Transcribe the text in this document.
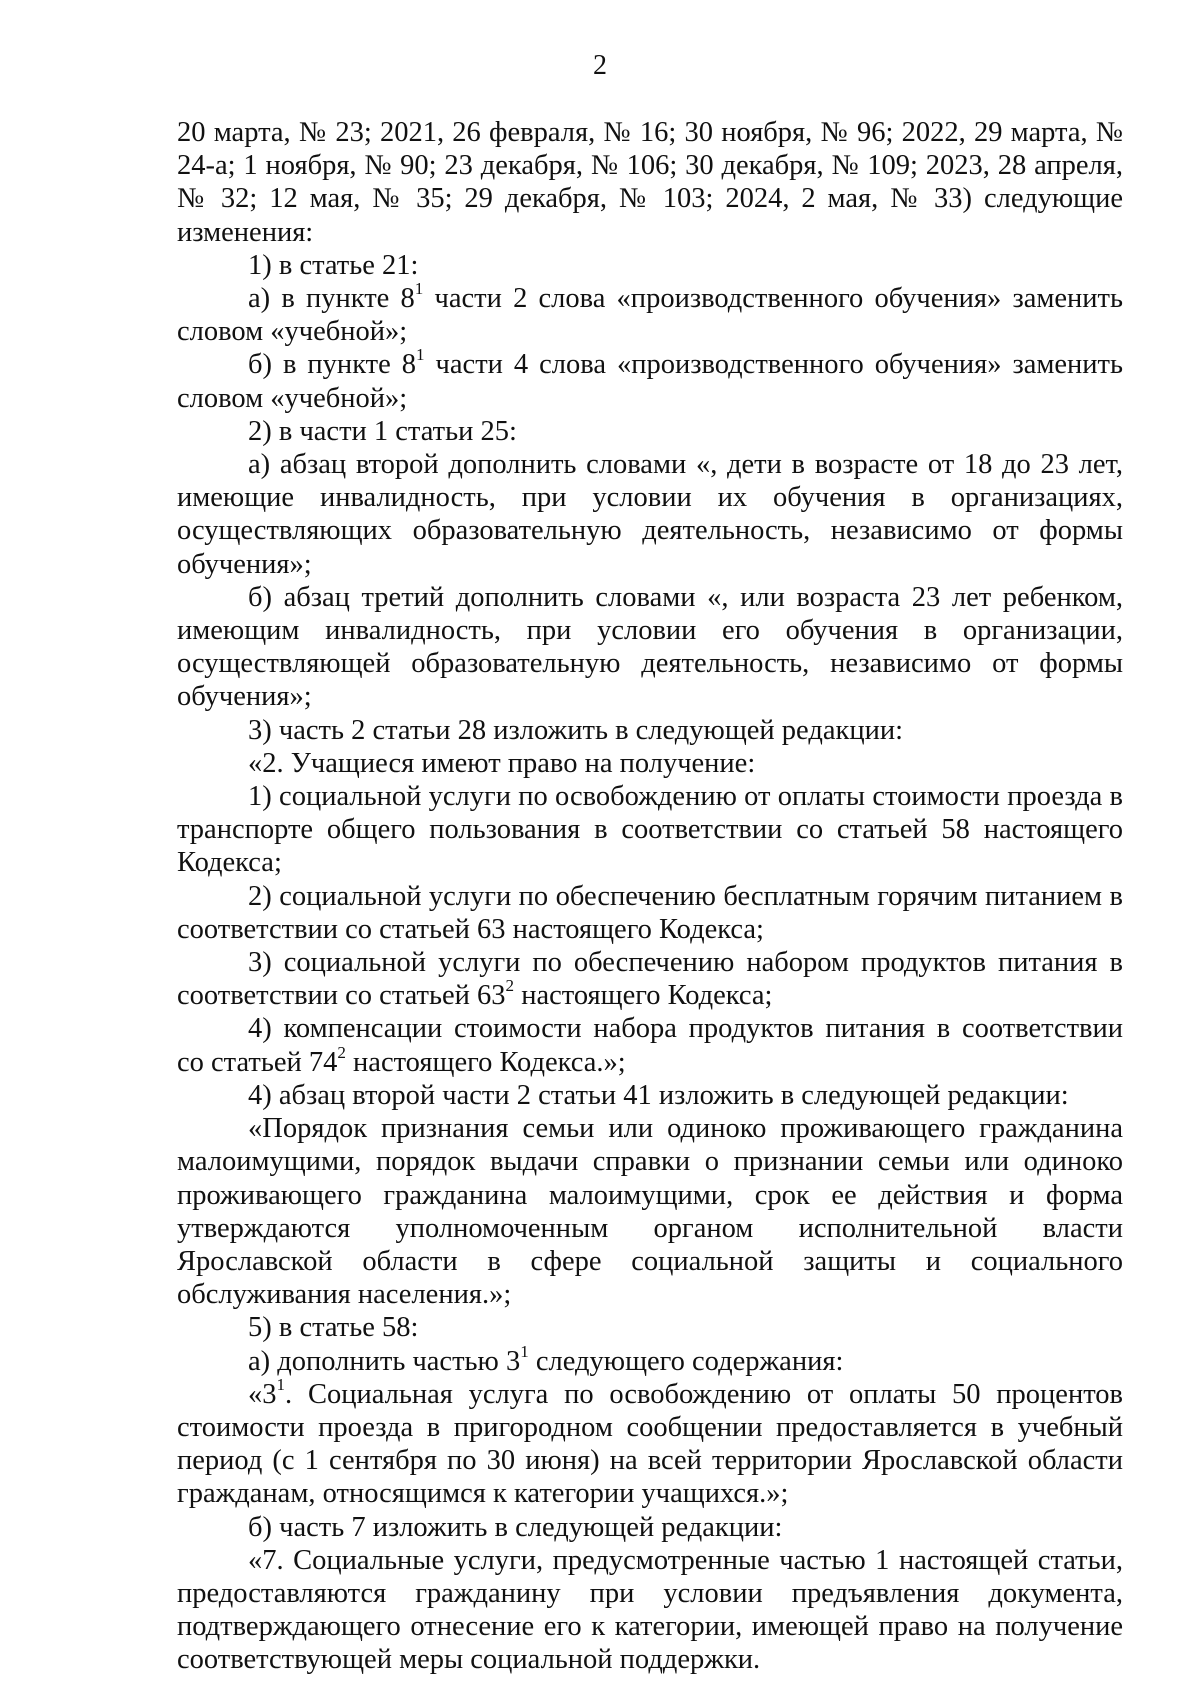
2

20 марта, № 23; 2021, 26 февраля, № 16; 30 ноября, № 96; 2022, 29 марта, № 24-а; 1 ноября, № 90; 23 декабря, № 106; 30 декабря, № 109; 2023, 28 апреля, № 32; 12 мая, № 35; 29 декабря, № 103; 2024, 2 мая, № 33) следующие изменения:

1) в статье 21:

а) в пункте $8^1$ части 2 слова «производственного обучения» заменить словом «учебной»;

б) в пункте $8^1$ части 4 слова «производственного обучения» заменить словом «учебной»;

2) в части 1 статьи 25:

а) абзац второй дополнить словами «, дети в возрасте от 18 до 23 лет, имеющие инвалидность, при условии их обучения в организациях, осуществляющих образовательную деятельность, независимо от формы обучения»;

б) абзац третий дополнить словами «, или возраста 23 лет ребенком, имеющим инвалидность, при условии его обучения в организации, осуществляющей образовательную деятельность, независимо от формы обучения»;

3) часть 2 статьи 28 изложить в следующей редакции:

«2. Учащиеся имеют право на получение:

1) социальной услуги по освобождению от оплаты стоимости проезда в транспорте общего пользования в соответствии со статьей 58 настоящего Кодекса;

2) социальной услуги по обеспечению бесплатным горячим питанием в соответствии со статьей 63 настоящего Кодекса;

3) социальной услуги по обеспечению набором продуктов питания в соответствии со статьей $63^2$ настоящего Кодекса;

4) компенсации стоимости набора продуктов питания в соответствии со статьей $74^2$ настоящего Кодекса.»;

4) абзац второй части 2 статьи 41 изложить в следующей редакции:

«Порядок признания семьи или одиноко проживающего гражданина малоимущими, порядок выдачи справки о признании семьи или одиноко проживающего гражданина малоимущими, срок ее действия и форма утверждаются уполномоченным органом исполнительной власти Ярославской области в сфере социальной защиты и социального обслуживания населения.»;

5) в статье 58:

а) дополнить частью $3^1$ следующего содержания:

«$3^1$. Социальная услуга по освобождению от оплаты 50 процентов стоимости проезда в пригородном сообщении предоставляется в учебный период (с 1 сентября по 30 июня) на всей территории Ярославской области гражданам, относящимся к категории учащихся.»;

б) часть 7 изложить в следующей редакции:

«7. Социальные услуги, предусмотренные частью 1 настоящей статьи, предоставляются гражданину при условии предъявления документа, подтверждающего отнесение его к категории, имеющей право на получение соответствующей меры социальной поддержки.
